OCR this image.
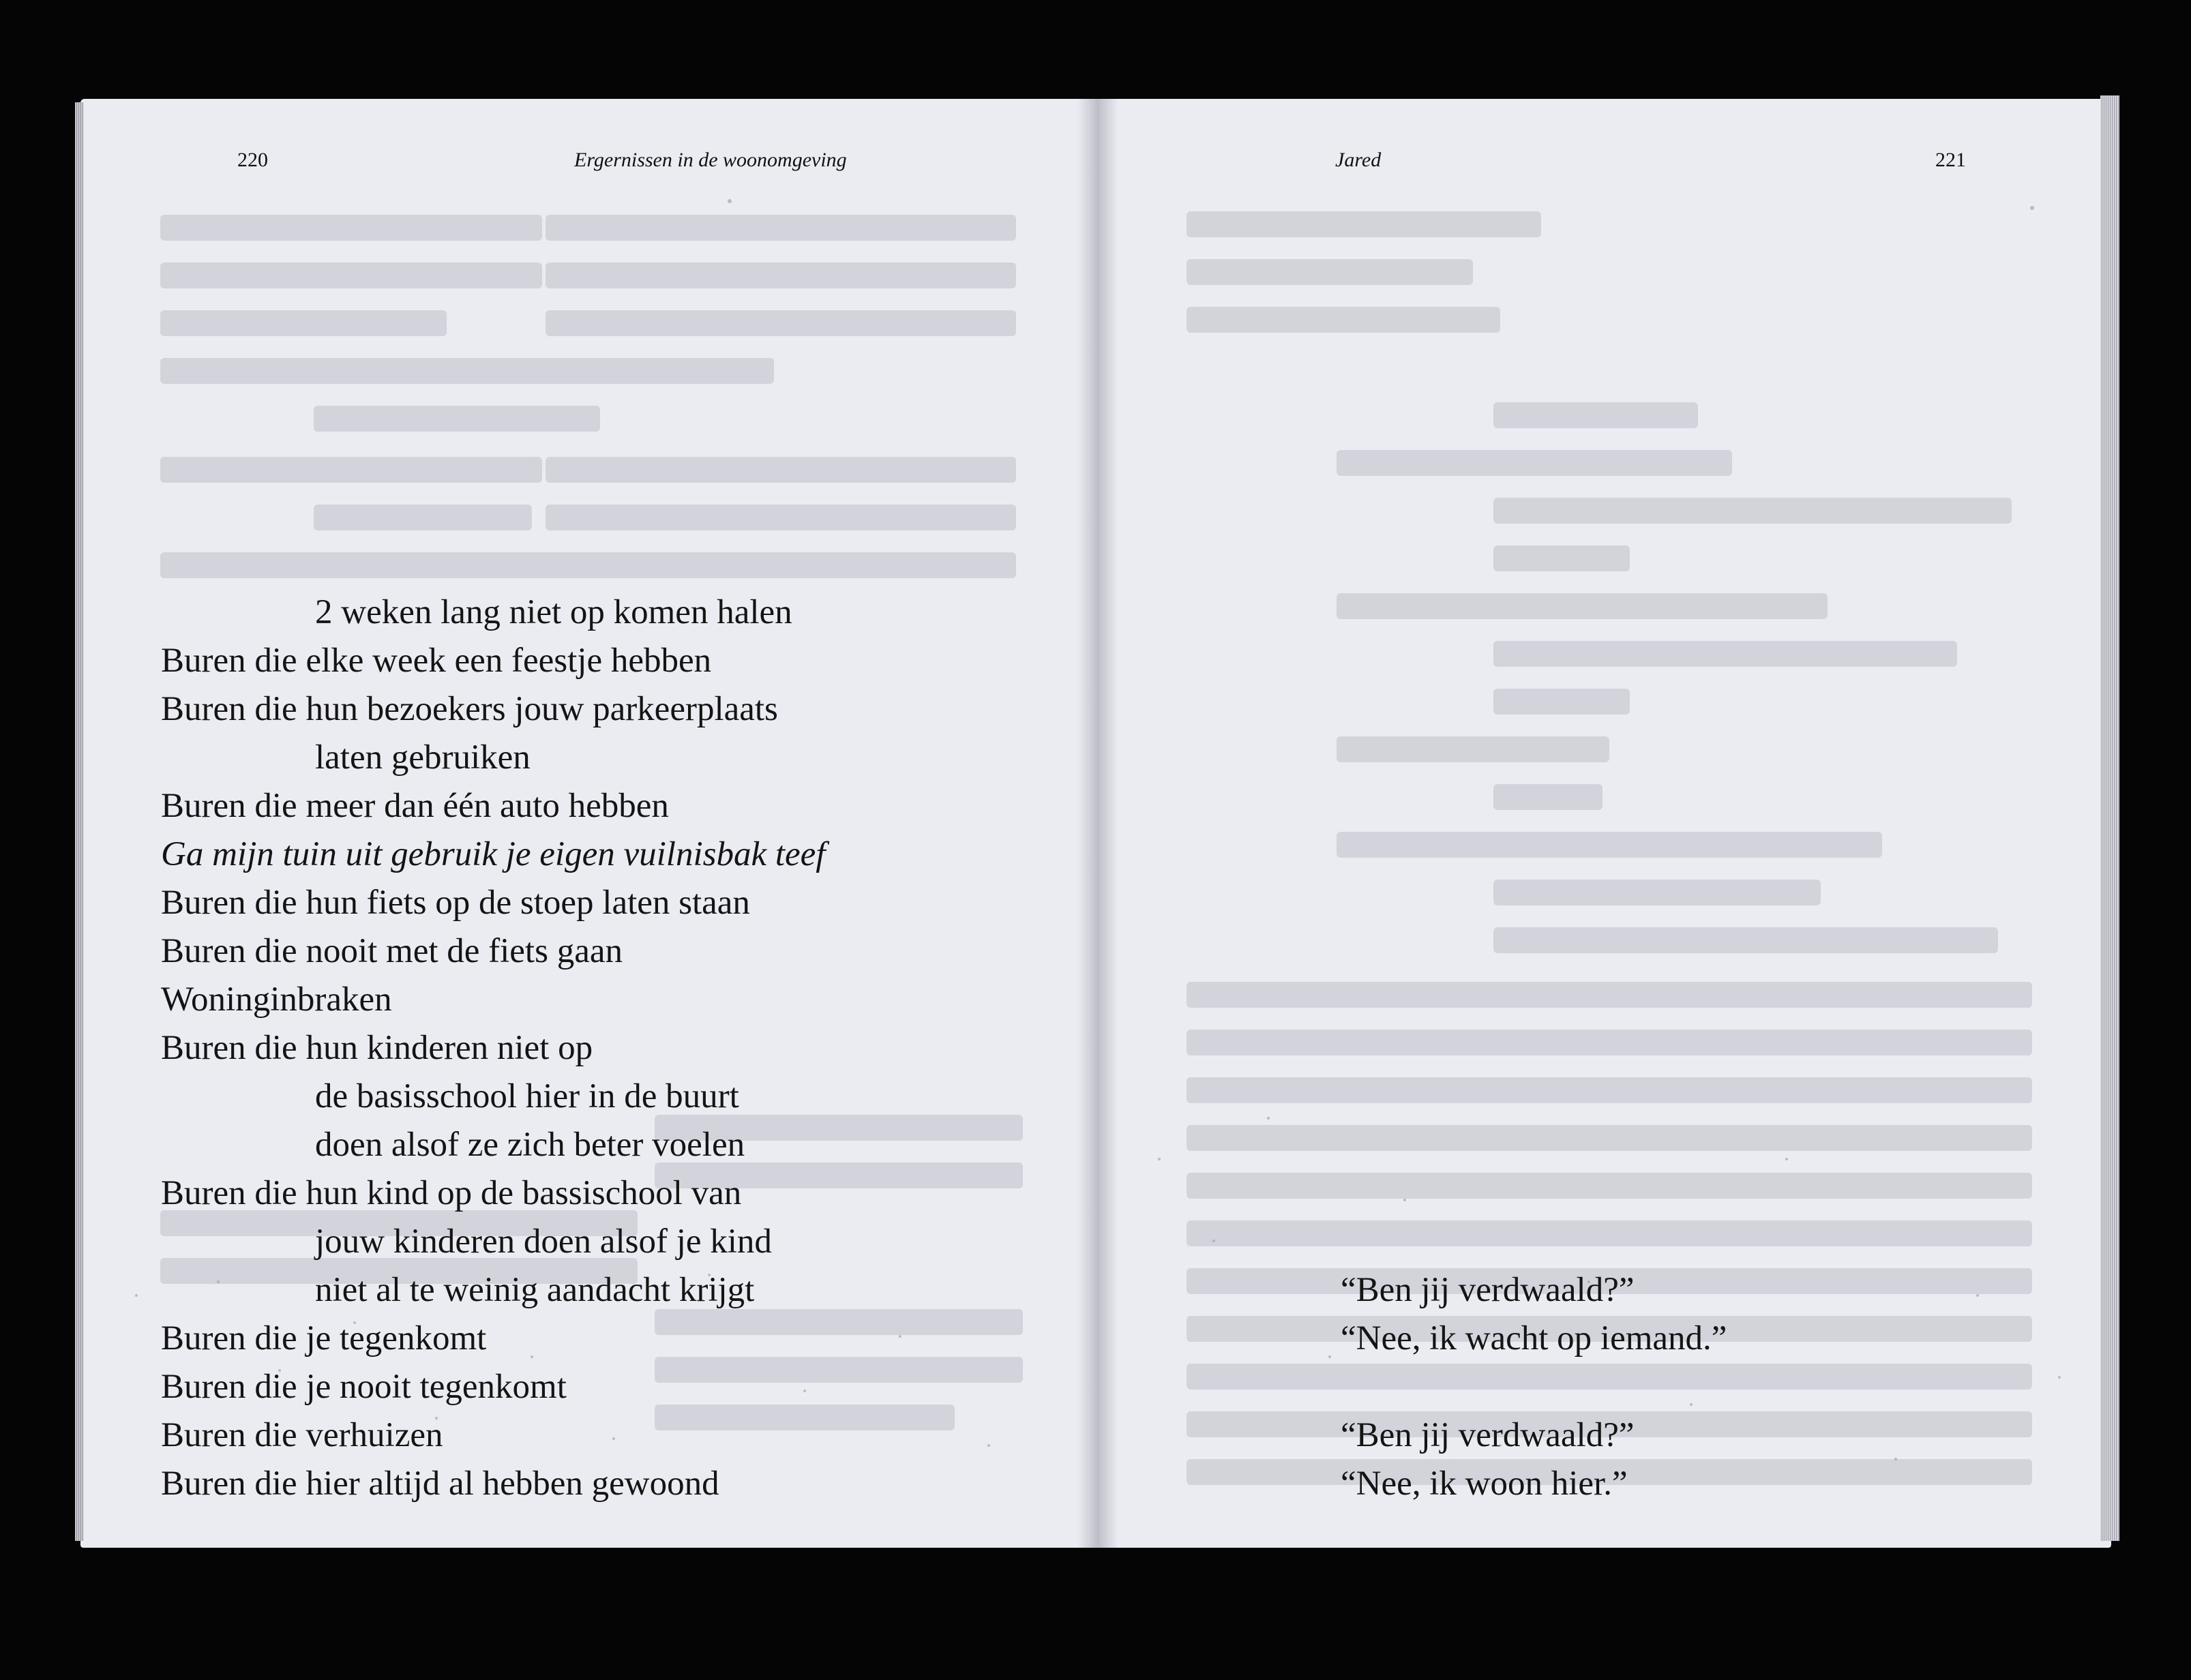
220	Ergernissen in de woonomgeving	Jared	221
2 weken lang niet op komen halen
Buren die elke week een feestje hebben
Buren die hun bezoekers jouw parkeerplaats
laten gebruiken
Buren die meer dan één auto hebben
Ga mijn tuin uit gebruik je eigen vuilnisbak teef
Buren die hun fiets op de stoep laten staan
Buren die nooit met de fiets gaan
Woninginbraken
Buren die hun kinderen niet op
de basisschool hier in de buurt
doen alsof ze zich beter voelen
Buren die hun kind op de bassischool van
jouw kinderen doen alsof je kind
niet al te weinig aandacht krijgt
Buren die je tegenkomt
Buren die je nooit tegenkomt
Buren die verhuizen
Buren die hier altijd al hebben gewoond
“Ben jij verdwaald?”
“Nee, ik wacht op iemand.”
“Ben jij verdwaald?”
“Nee, ik woon hier.”
